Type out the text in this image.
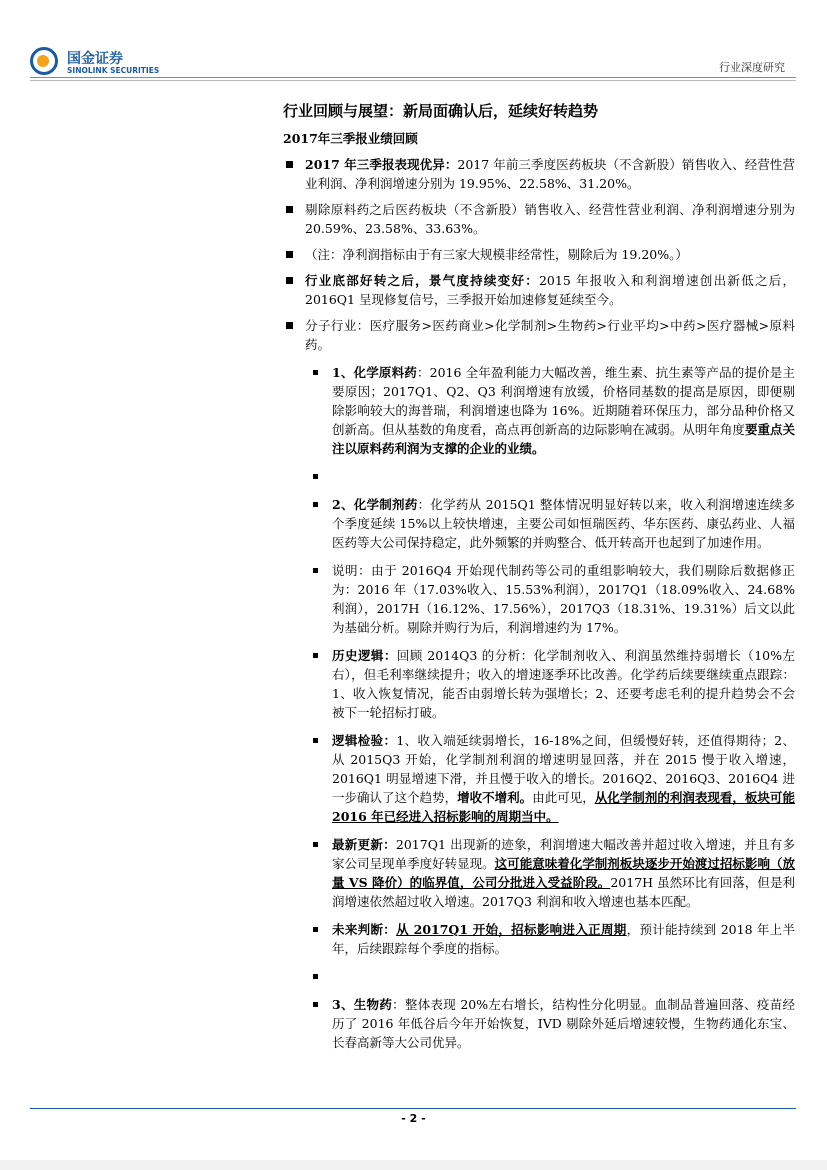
国金证券
SINOLINK SECURITIES	行业深度研究
行业回顾与展望：新局面确认后，延续好转趋势
2017年三季报业绩回顾
2017 年三季报表现优异：2017 年前三季度医药板块（不含新股）销售收入、经营性营业利润、净利润增速分别为 19.95%、22.58%、31.20%。
剔除原料药之后医药板块（不含新股）销售收入、经营性营业利润、净利润增速分别为 20.59%、23.58%、33.63%。
（注：净利润指标由于有三家大规模非经常性，剔除后为 19.20%。）
行业底部好转之后，景气度持续变好：2015 年报收入和利润增速创出新低之后，2016Q1 呈现修复信号，三季报开始加速修复延续至今。
分子行业：医疗服务>医药商业>化学制剂>生物药>行业平均>中药>医疗器械>原料药。
1、化学原料药：2016 全年盈利能力大幅改善，维生素、抗生素等产品的提价是主要原因；2017Q1、Q2、Q3 利润增速有放缓，价格同基数的提高是原因，即便剔除影响较大的海普瑞，利润增速也降为 16%。近期随着环保压力，部分品种价格又创新高。但从基数的角度看，高点再创新高的边际影响在减弱。从明年角度要重点关注以原料药利润为支撑的企业的业绩。
2、化学制剂药：化学药从 2015Q1 整体情况明显好转以来，收入利润增速连续多个季度延续 15%以上较快增速，主要公司如恒瑞医药、华东医药、康弘药业、人福医药等大公司保持稳定，此外频繁的并购整合、低开转高开也起到了加速作用。
说明：由于 2016Q4 开始现代制药等公司的重组影响较大，我们剔除后数据修正为：2016 年（17.03%收入、15.53%利润），2017Q1（18.09%收入、24.68%利润），2017H（16.12%、17.56%），2017Q3（18.31%、19.31%）后文以此为基础分析。剔除并购行为后，利润增速约为 17%。
历史逻辑：回顾 2014Q3 的分析：化学制剂收入、利润虽然维持弱增长（10%左右），但毛利率继续提升；收入的增速逐季环比改善。化学药后续要继续重点跟踪：1、收入恢复情况，能否由弱增长转为强增长；2、还要考虑毛利的提升趋势会不会被下一轮招标打破。
逻辑检验：1、收入端延续弱增长，16-18%之间，但缓慢好转，还值得期待；2、从 2015Q3 开始，化学制剂利润的增速明显回落，并在 2015 慢于收入增速，2016Q1 明显增速下滑，并且慢于收入的增长。2016Q2、2016Q3、2016Q4 进一步确认了这个趋势，增收不增利。由此可见，从化学制剂的利润表现看，板块可能 2016 年已经进入招标影响的周期当中。
最新更新：2017Q1 出现新的迹象，利润增速大幅改善并超过收入增速，并且有多家公司呈现单季度好转显现。这可能意味着化学制剂板块逐步开始渡过招标影响（放量 VS 降价）的临界值，公司分批进入受益阶段。2017H 虽然环比有回落，但是利润增速依然超过收入增速。2017Q3 利润和收入增速也基本匹配。
未来判断：从 2017Q1 开始，招标影响进入正周期，预计能持续到 2018 年上半年，后续跟踪每个季度的指标。
3、生物药：整体表现 20%左右增长，结构性分化明显。血制品普遍回落、疫苗经历了 2016 年低谷后今年开始恢复，IVD 剔除外延后增速较慢，生物药通化东宝、长春高新等大公司优异。
- 2 -
